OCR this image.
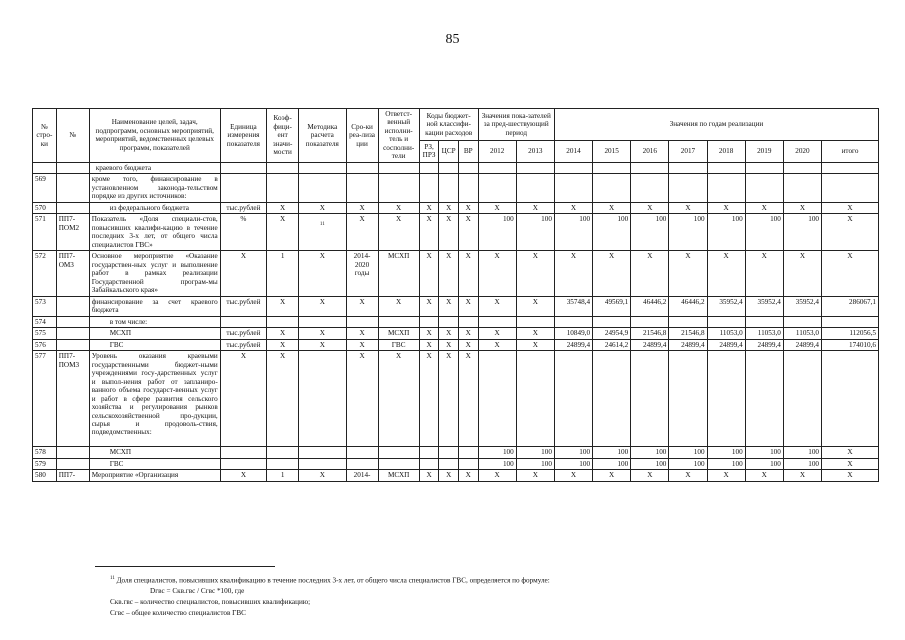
85
№ стро-ки	№	Наименование целей, задач, подпрограмм, основных мероприятий, мероприятий, ведомственных целевых программ, показателей	Единица измерения показателя	Коэф-фици-ент значи-мости	Методика расчета показателя	Сро-ки реа-лиза ции	Ответст-венный исполни-тель и сосполни-тели	Коды бюджет-ной классифи-кации расходов			Значения пока-зателей за пред-шествующий период		Значения по годам реализации							
								РЗ, ПРЗ	ЦСР	ВР	2012	2013	2014	2015	2016	2017	2018	2019	2020	итого
		краевого бюджета																		
569		кроме того, финансирование в установленном законода-тельством порядке из других источников:																		
570		из федерального бюджета	тыс.рублей	X	X	X	X	X	X	X	X	X	X	X	X	X	X	X	X	X
571	ПП7-ПОМ2	Показатель «Доля специали-стов, повысивших квалифи-кацию в течение последних 3-х лет, от общего числа специалистов ГВС»	%	X	11	X	X	X	X	X	100	100	100	100	100	100	100	100	100	X
572	ПП7-ОМ3	Основное мероприятие «Оказание государствен-ных услуг и выполнение работ в рамках реализации Государственной програм-мы Забайкальского края»	X	1	X	2014-2020 годы	МСХП	X	X	X	X	X	X	X	X	X	X	X	X	X
573		финансирование за счет краевого бюджета	тыс.рублей	X	X	X	X	X	X	X	X	X	35748,4	49569,1	46446,2	46446,2	35952,4	35952,4	35952,4	286067,1
574		в том числе:																		
575		МСХП	тыс.рублей	X	X	X	МСХП	X	X	X	X	X	10849,0	24954,9	21546,8	21546,8	11053,0	11053,0	11053,0	112056,5
576		ГВС	тыс.рублей	X	X	X	ГВС	X	X	X	X	X	24899,4	24614,2	24899,4	24899,4	24899,4	24899,4	24899,4	174010,6
577	ПП7-ПОМ3	Уровень оказания краевыми государственными бюджет-ными учреждениями госу-дарственных услуг и выпол-нения работ от запланиро-ванного объема государст-венных услуг и работ в сфере развития сельского хозяйства и регулирования рынков сельскохозяйственной про-дукции, сырья и продоволь-ствия, подведомственных:	X	X		X	X	X	X	X										
578		МСХП									100	100	100	100	100	100	100	100	100	X
579		ГВС									100	100	100	100	100	100	100	100	100	X
580	ПП7-	Мероприятие «Организация	X	1	X	2014-	МСХП	X	X	X	X	X	X	X	X	X	X	X	X	X
$^{11}$ Доля специалистов, повысивших квалификацию в течение последних 3-х лет, от общего числа специалистов ГВС, определяется по формуле:
Dгвс = Скв.гвс / Сгвс *100, где
Скв.гвс – количество специалистов, повысивших квалификацию;
Сгвс – общее количество специалистов ГВС
